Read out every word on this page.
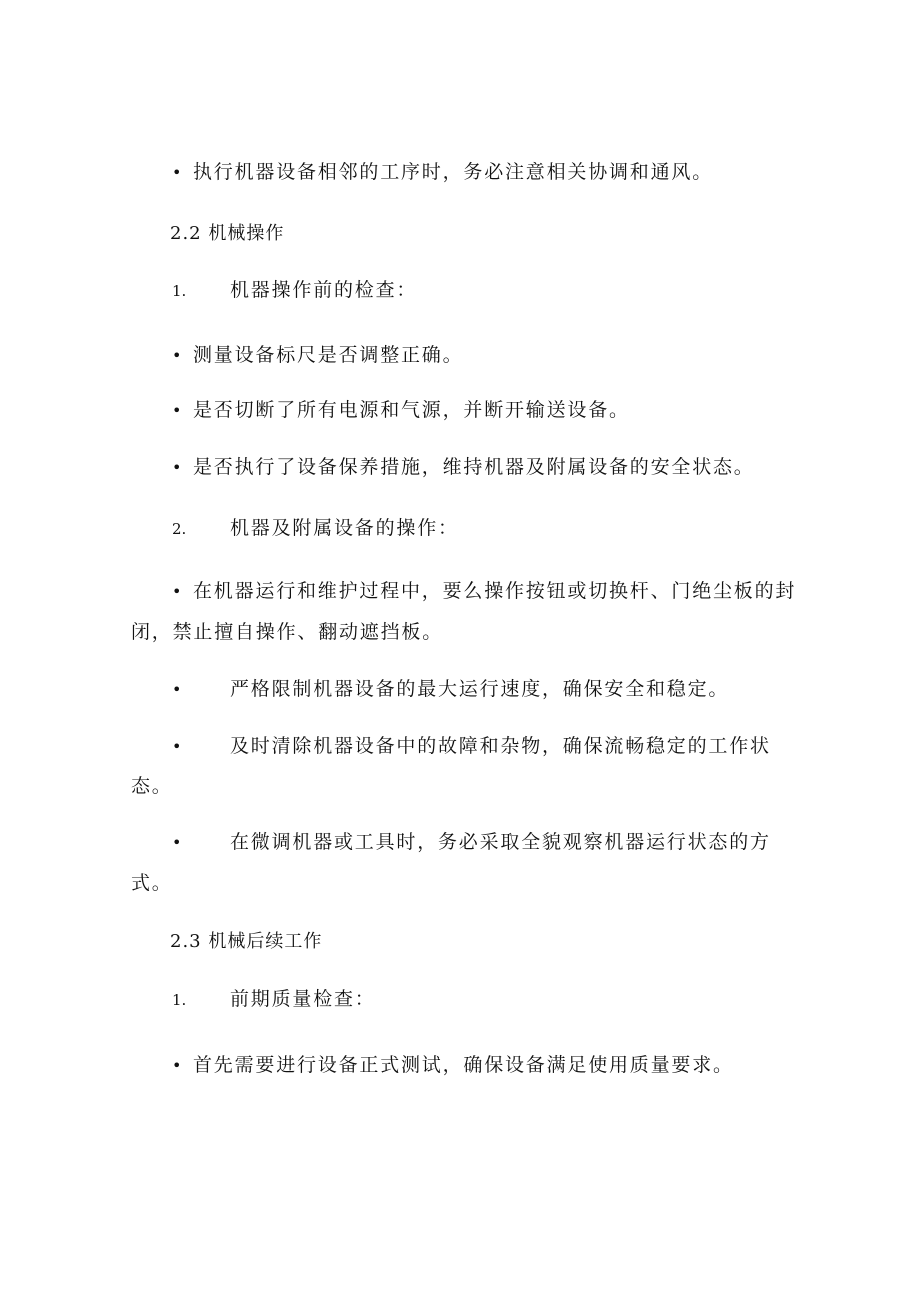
• 执行机器设备相邻的工序时，务必注意相关协调和通风。
2.2 机械操作
1. 机器操作前的检查：
• 测量设备标尺是否调整正确。
• 是否切断了所有电源和气源，并断开输送设备。
• 是否执行了设备保养措施，维持机器及附属设备的安全状态。
2. 机器及附属设备的操作：
• 在机器运行和维护过程中，要么操作按钮或切换杆、门绝尘板的封
闭，禁止擅自操作、翻动遮挡板。
•	严格限制机器设备的最大运行速度，确保安全和稳定。
•	及时清除机器设备中的故障和杂物，确保流畅稳定的工作状
态。
•	在微调机器或工具时，务必采取全貌观察机器运行状态的方
式。
2.3 机械后续工作
1. 前期质量检查：
• 首先需要进行设备正式测试，确保设备满足使用质量要求。
